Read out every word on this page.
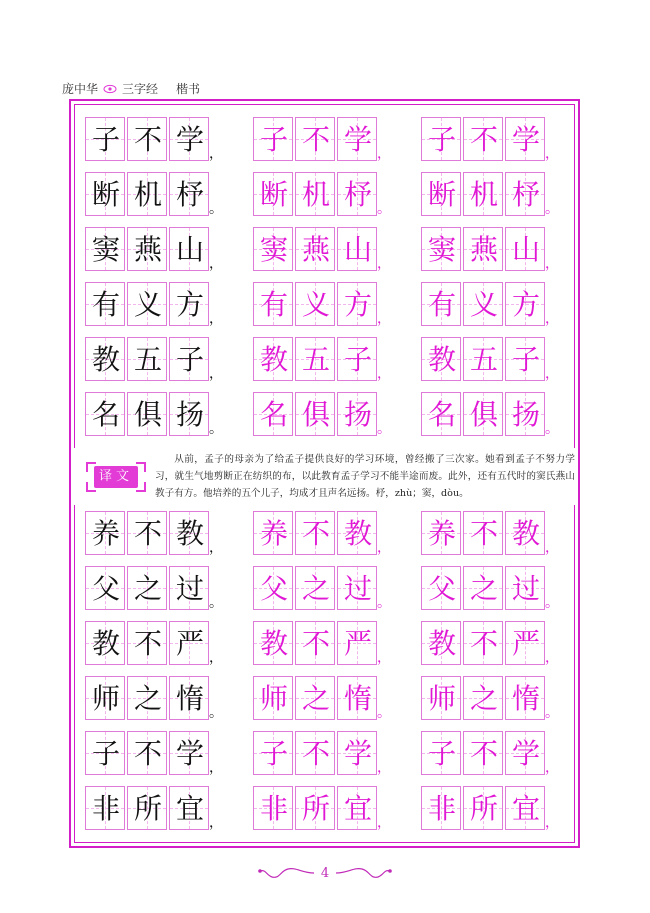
庞中华 三字经 楷书
子 不 学 ， 子 不 学 ， 子 不 学 ，
断 机 杼 。 断 机 杼 。 断 机 杼 。
窦 燕 山 ， 窦 燕 山 ， 窦 燕 山 ，
有 义 方 ， 有 义 方 ， 有 义 方 ，
教 五 子 ， 教 五 子 ， 教 五 子 ，
名 俱 扬 。 名 俱 扬 。 名 俱 扬 。
养 不 教 ， 养 不 教 ， 养 不 教 ，
父 之 过 。 父 之 过 。 父 之 过 。
教 不 严 ， 教 不 严 ， 教 不 严 ，
师 之 惰 。 师 之 惰 。 师 之 惰 。
子 不 学 ， 子 不 学 ， 子 不 学 ，
非 所 宜 ， 非 所 宜 ， 非 所 宜 ，
译文
从前，孟子的母亲为了给孟子提供良好的学习环境，曾经搬了三次家。她看到孟子不努力学习，就生气地剪断正在纺织的布，以此教育孟子学习不能半途而废。此外，还有五代时的窦氏燕山教子有方。他培养的五个儿子，均成才且声名远扬。杼，zhù；窦，dòu。
4
